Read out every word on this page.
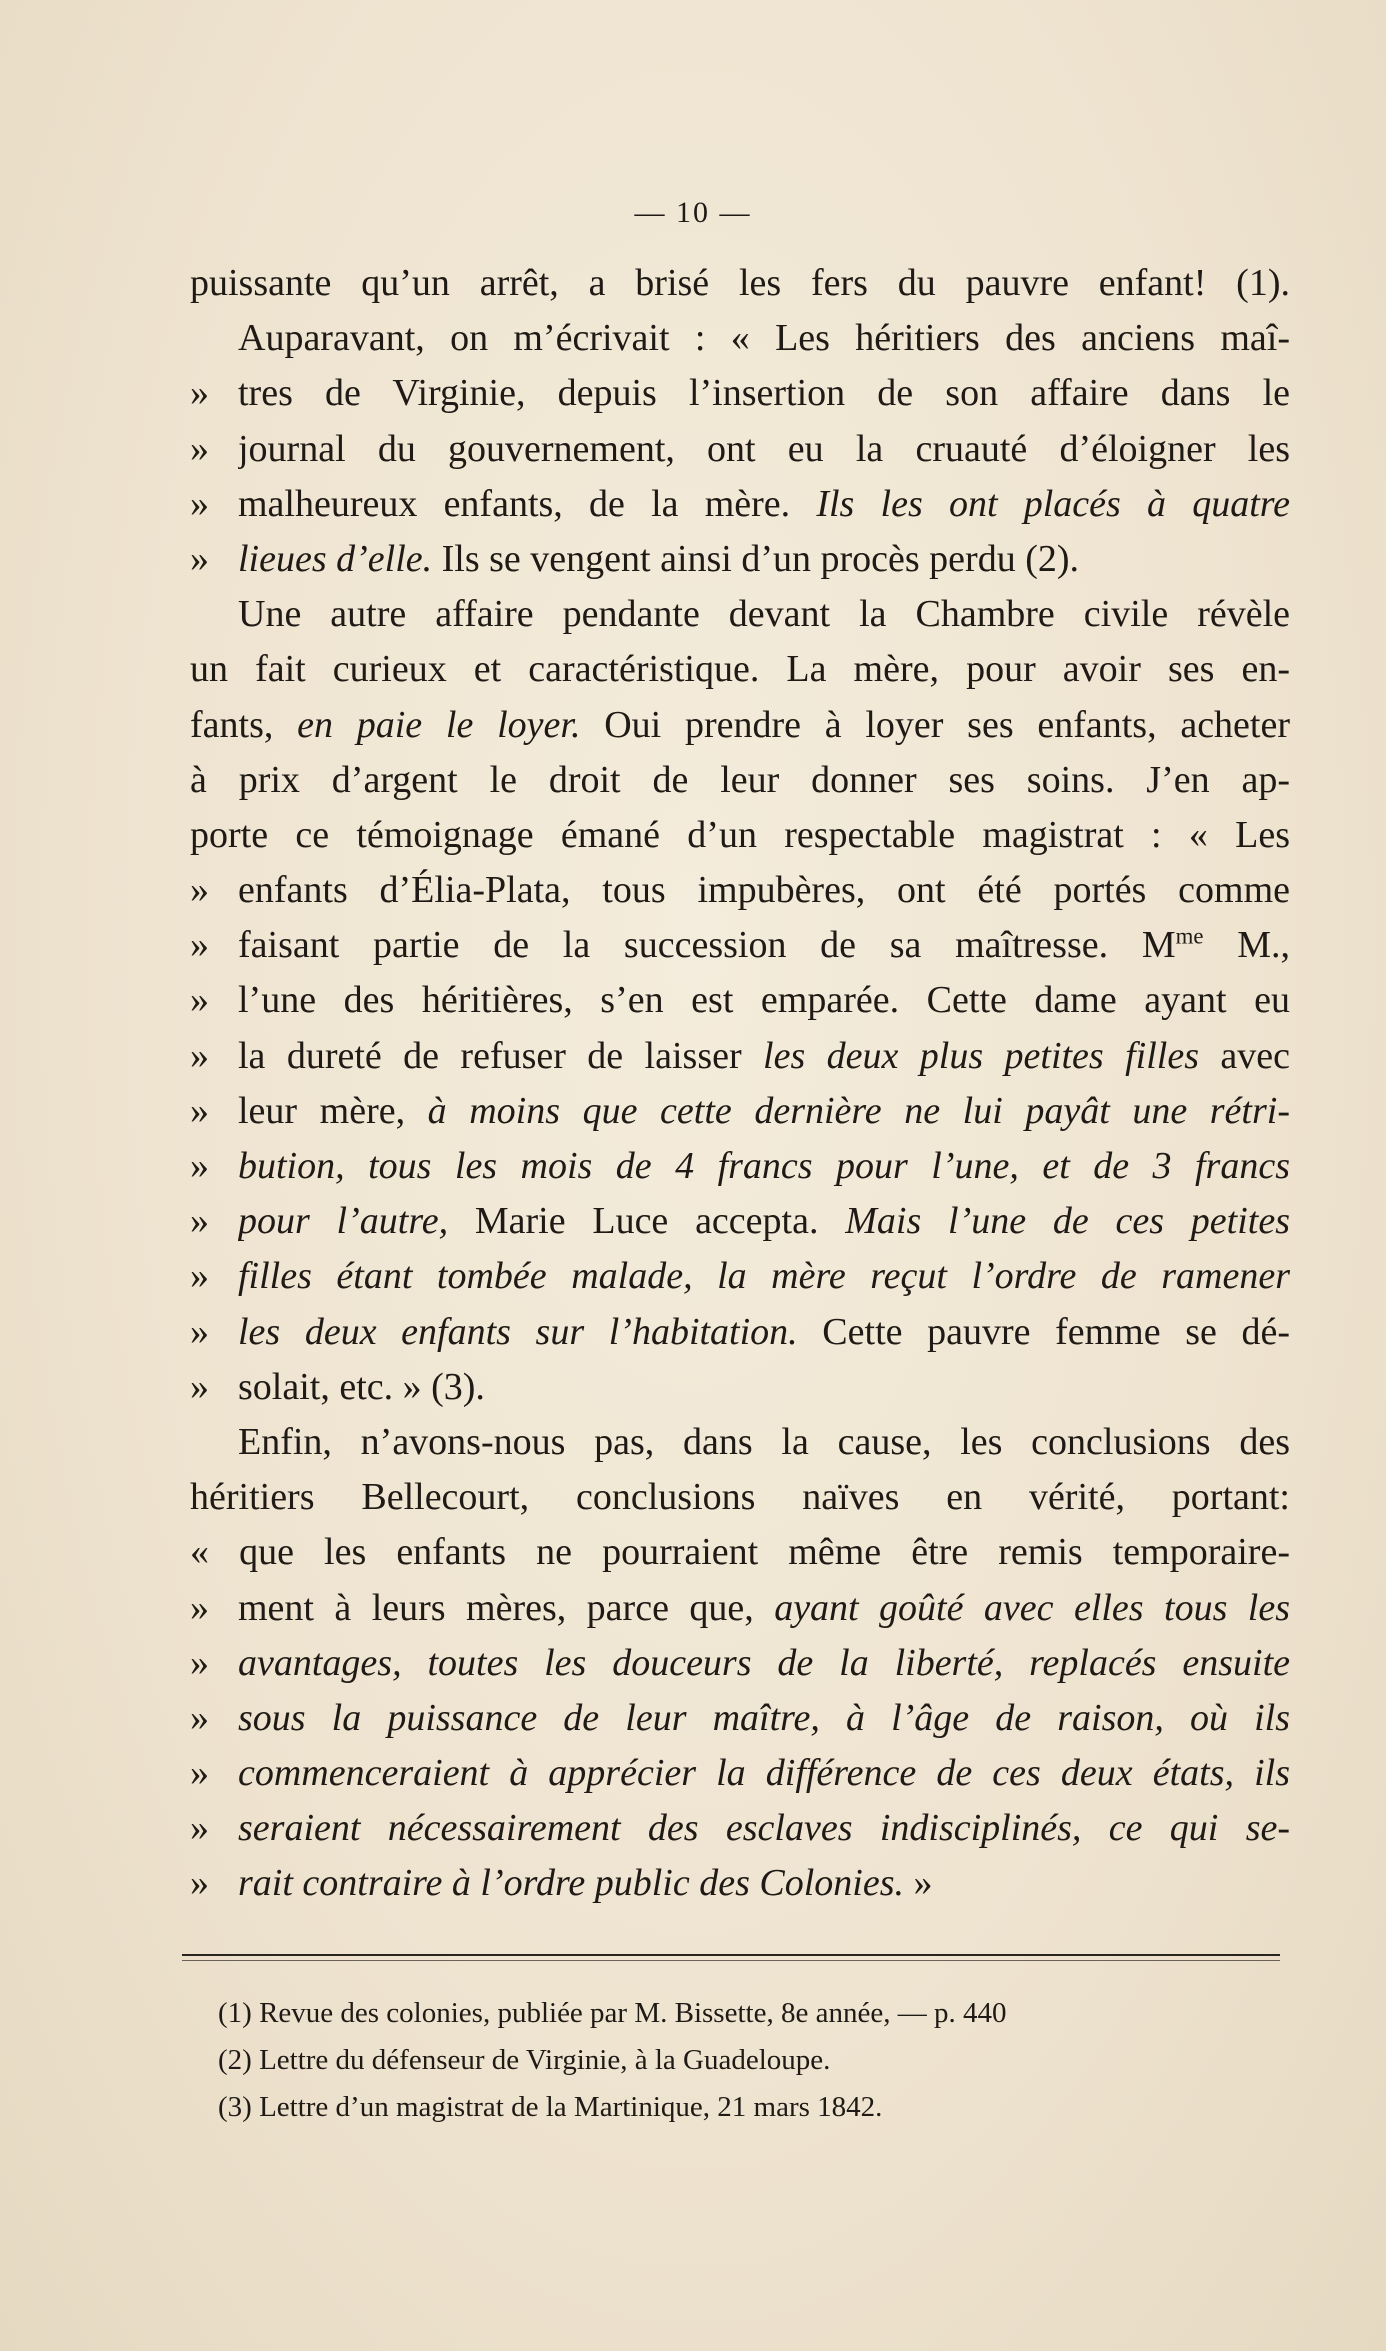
— 10 —
puissante qu’un arrêt, a brisé les fers du pauvre enfant! (1).
Auparavant, on m’écrivait : « Les héritiers des anciens maî-
» tres de Virginie, depuis l’insertion de son affaire dans le
» journal du gouvernement, ont eu la cruauté d’éloigner les
» malheureux enfants, de la mère. Ils les ont placés à quatre
» lieues d’elle. Ils se vengent ainsi d’un procès perdu (2).
Une autre affaire pendante devant la Chambre civile révèle
un fait curieux et caractéristique. La mère, pour avoir ses en-
fants, en paie le loyer. Oui prendre à loyer ses enfants, acheter
à prix d’argent le droit de leur donner ses soins. J’en ap-
porte ce témoignage émané d’un respectable magistrat : « Les
» enfants d’Élia-Plata, tous impubères, ont été portés comme
» faisant partie de la succession de sa maîtresse. $M^{me}$ M.,
» l’une des héritières, s’en est emparée. Cette dame ayant eu
» la dureté de refuser de laisser les deux plus petites filles avec
» leur mère, à moins que cette dernière ne lui payât une rétri-
» bution, tous les mois de 4 francs pour l’une, et de 3 francs
» pour l’autre, Marie Luce accepta. Mais l’une de ces petites
» filles étant tombée malade, la mère reçut l’ordre de ramener
» les deux enfants sur l’habitation. Cette pauvre femme se dé-
» solait, etc. » (3).
Enfin, n’avons-nous pas, dans la cause, les conclusions des
héritiers Bellecourt, conclusions naïves en vérité, portant:
« que les enfants ne pourraient même être remis temporaire-
» ment à leurs mères, parce que, ayant goûté avec elles tous les
» avantages, toutes les douceurs de la liberté, replacés ensuite
» sous la puissance de leur maître, à l’âge de raison, où ils
» commenceraient à apprécier la différence de ces deux états, ils
» seraient nécessairement des esclaves indisciplinés, ce qui se-
» rait contraire à l’ordre public des Colonies. »
(1) Revue des colonies, publiée par M. Bissette, 8e année, — p. 440
(2) Lettre du défenseur de Virginie, à la Guadeloupe.
(3) Lettre d’un magistrat de la Martinique, 21 mars 1842.
